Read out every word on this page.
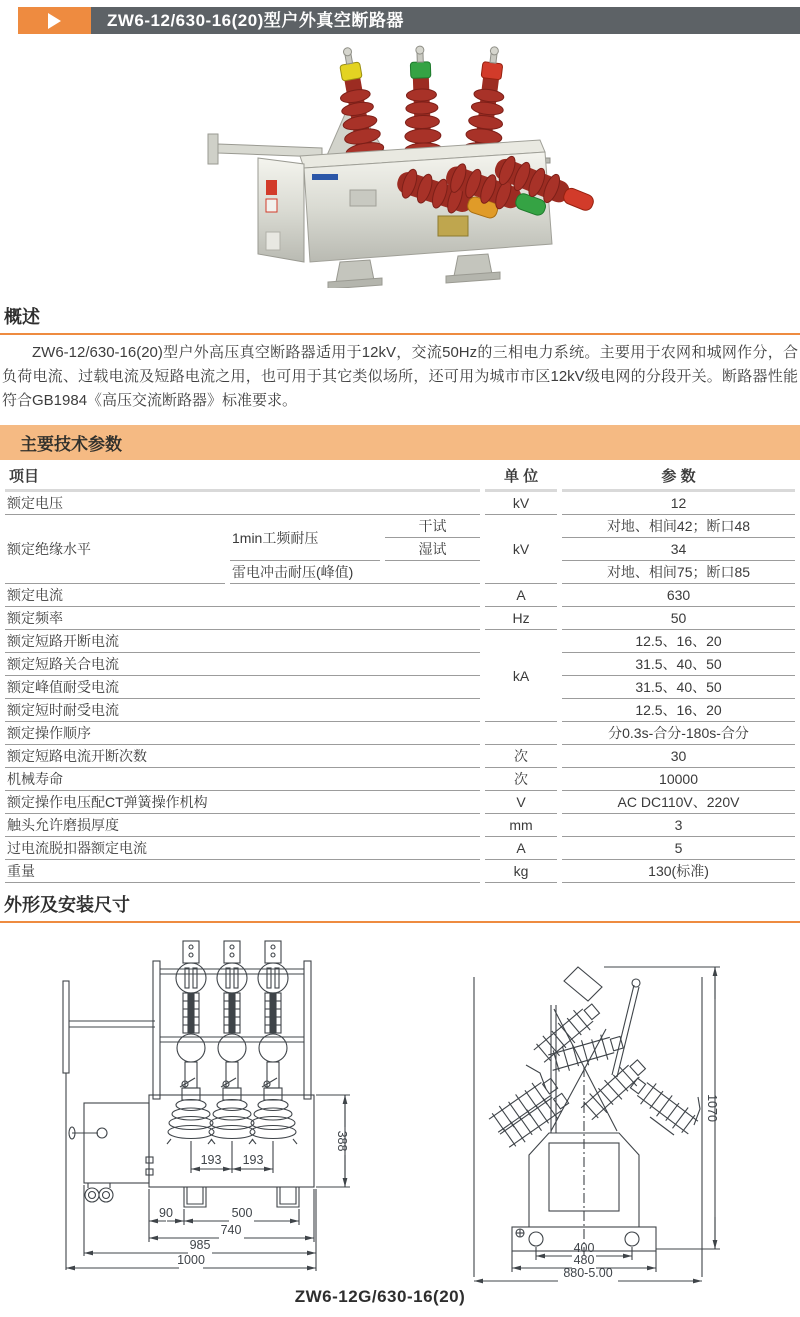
ZW6-12/630-16(20)型户外真空断路器
概述

ZW6-12/630-16(20)型户外高压真空断路器适用于12kV，交流50Hz的三相电力系统。主要用于农网和城网作分，合负荷电流、过载电流及短路电流之用，也可用于其它类似场所，还可用为城市市区12kV级电网的分段开关。断路器性能符合GB1984《高压交流断路器》标准要求。

主要技术参数
项目			单 位	参 数
额定电压			kV	12
额定绝缘水平	1min工频耐压	干试	kV	对地、相间42；断口48
		湿试		34
	雷电冲击耐压(峰值)			对地、相间75；断口85
额定电流			A	630
额定频率			Hz	50
额定短路开断电流			kA	12.5、16、20
额定短路关合电流				31.5、40、50
额定峰值耐受电流				31.5、40、50
额定短时耐受电流				12.5、16、20
额定操作顺序				分0.3s-合分-180s-合分
额定短路电流开断次数			次	30
机械寿命			次	10000
额定操作电压配CT弹簧操作机构			V	AC DC110V、220V
触头允许磨损厚度			mm	3
过电流脱扣器额定电流			A	5
重量			kg	130(标准)
外形及安装尺寸
193 193
388
90	500
740
985
1000
1070
400
480
880-5.00
ZW6-12G/630-16(20)
